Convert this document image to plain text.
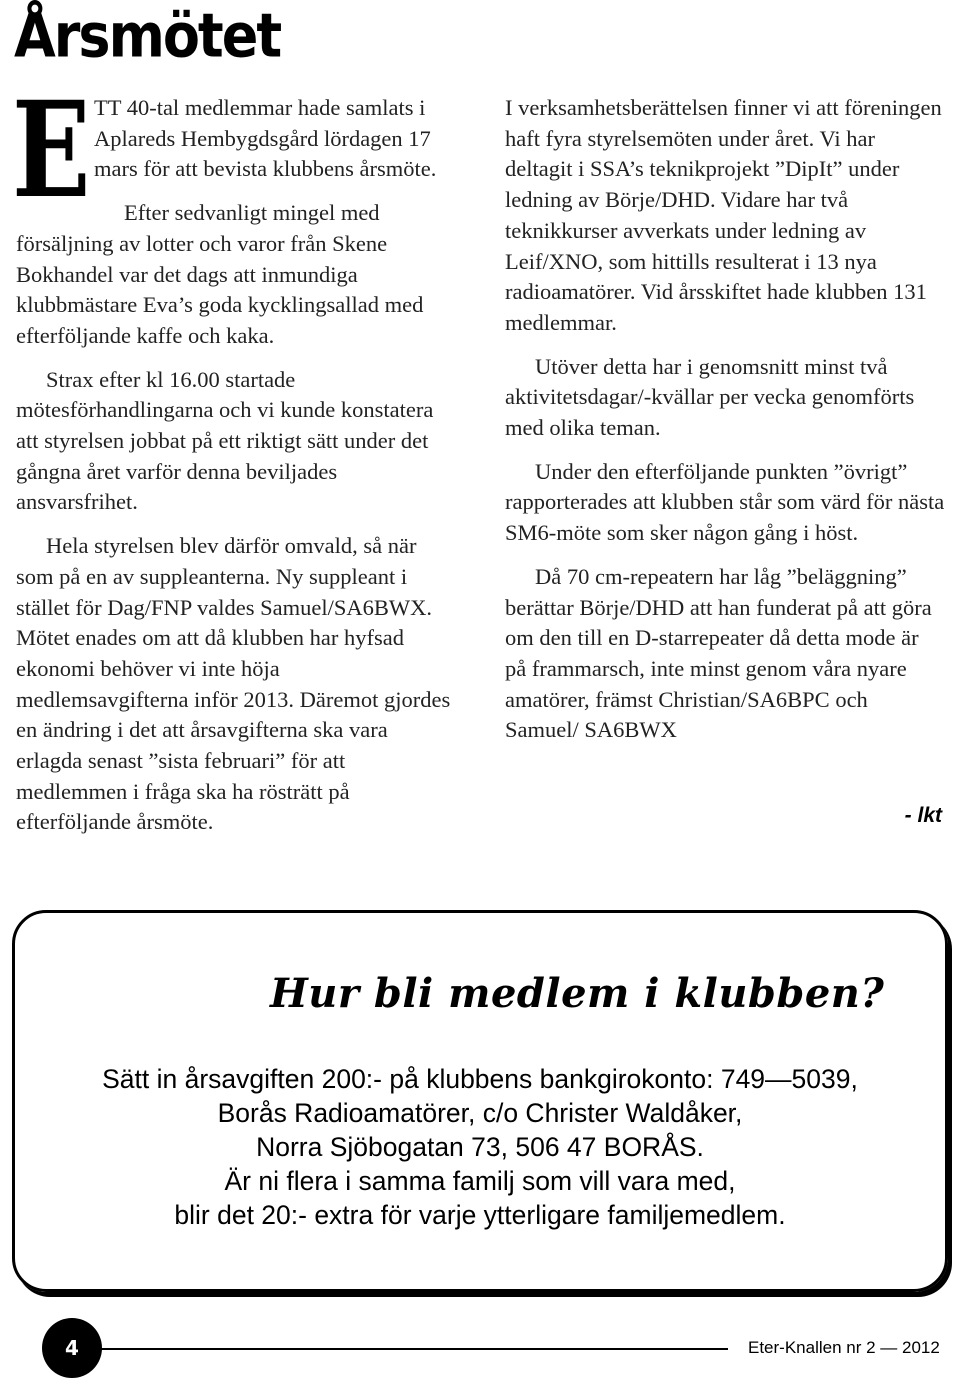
Årsmötet

ETT 40-tal medlemmar hade samlats i Aplareds Hembygdsgård lördagen 17 mars för att bevista klubbens årsmöte.

Efter sedvanligt mingel med försäljning av lotter och varor från Skene Bokhandel var det dags att inmundiga klubbmästare Eva’s goda kycklingsallad med efterföljande kaffe och kaka.

Strax efter kl 16.00 startade mötesförhandlingarna och vi kunde konstatera att styrelsen jobbat på ett riktigt sätt under det gångna året varför denna beviljades ansvarsfrihet.

Hela styrelsen blev därför omvald, så när som på en av suppleanterna. Ny suppleant i stället för Dag/FNP valdes Samuel/SA6BWX. Mötet enades om att då klubben har hyfsad ekonomi behöver vi inte höja medlemsavgifterna inför 2013. Däremot gjordes en ändring i det att årsavgifterna ska vara erlagda senast ”sista februari” för att medlemmen i fråga ska ha rösträtt på efterföljande årsmöte.

I verksamhetsberättelsen finner vi att föreningen haft fyra styrelsemöten under året. Vi har deltagit i SSA’s teknikprojekt ”DipIt” under ledning av Börje/DHD. Vidare har två teknikkurser avverkats under ledning av Leif/XNO, som hittills resulterat i 13 nya radioamatörer. Vid årsskiftet hade klubben 131 medlemmar.

Utöver detta har i genomsnitt minst två aktivitetsdagar/-kvällar per vecka genomförts med olika teman.

Under den efterföljande punkten ”övrigt” rapporterades att klubben står som värd för nästa SM6-möte som sker någon gång i höst.

Då 70 cm-repeatern har låg ”beläggning” berättar Börje/DHD att han funderat på att göra om den till en D-starrepeater då detta mode är på frammarsch, inte minst genom våra nyare amatörer, främst Christian/SA6BPC och Samuel/ SA6BWX

- lkt
Hur bli medlem i klubben?
Sätt in årsavgiften 200:- på klubbens bankgirokonto: 749—5039,
Borås Radioamatörer, c/o Christer Waldåker,
Norra Sjöbogatan 73, 506 47 BORÅS.
Är ni flera i samma familj som vill vara med,
blir det 20:- extra för varje ytterligare familjemedlem.
4	Eter-Knallen nr 2 — 2012
